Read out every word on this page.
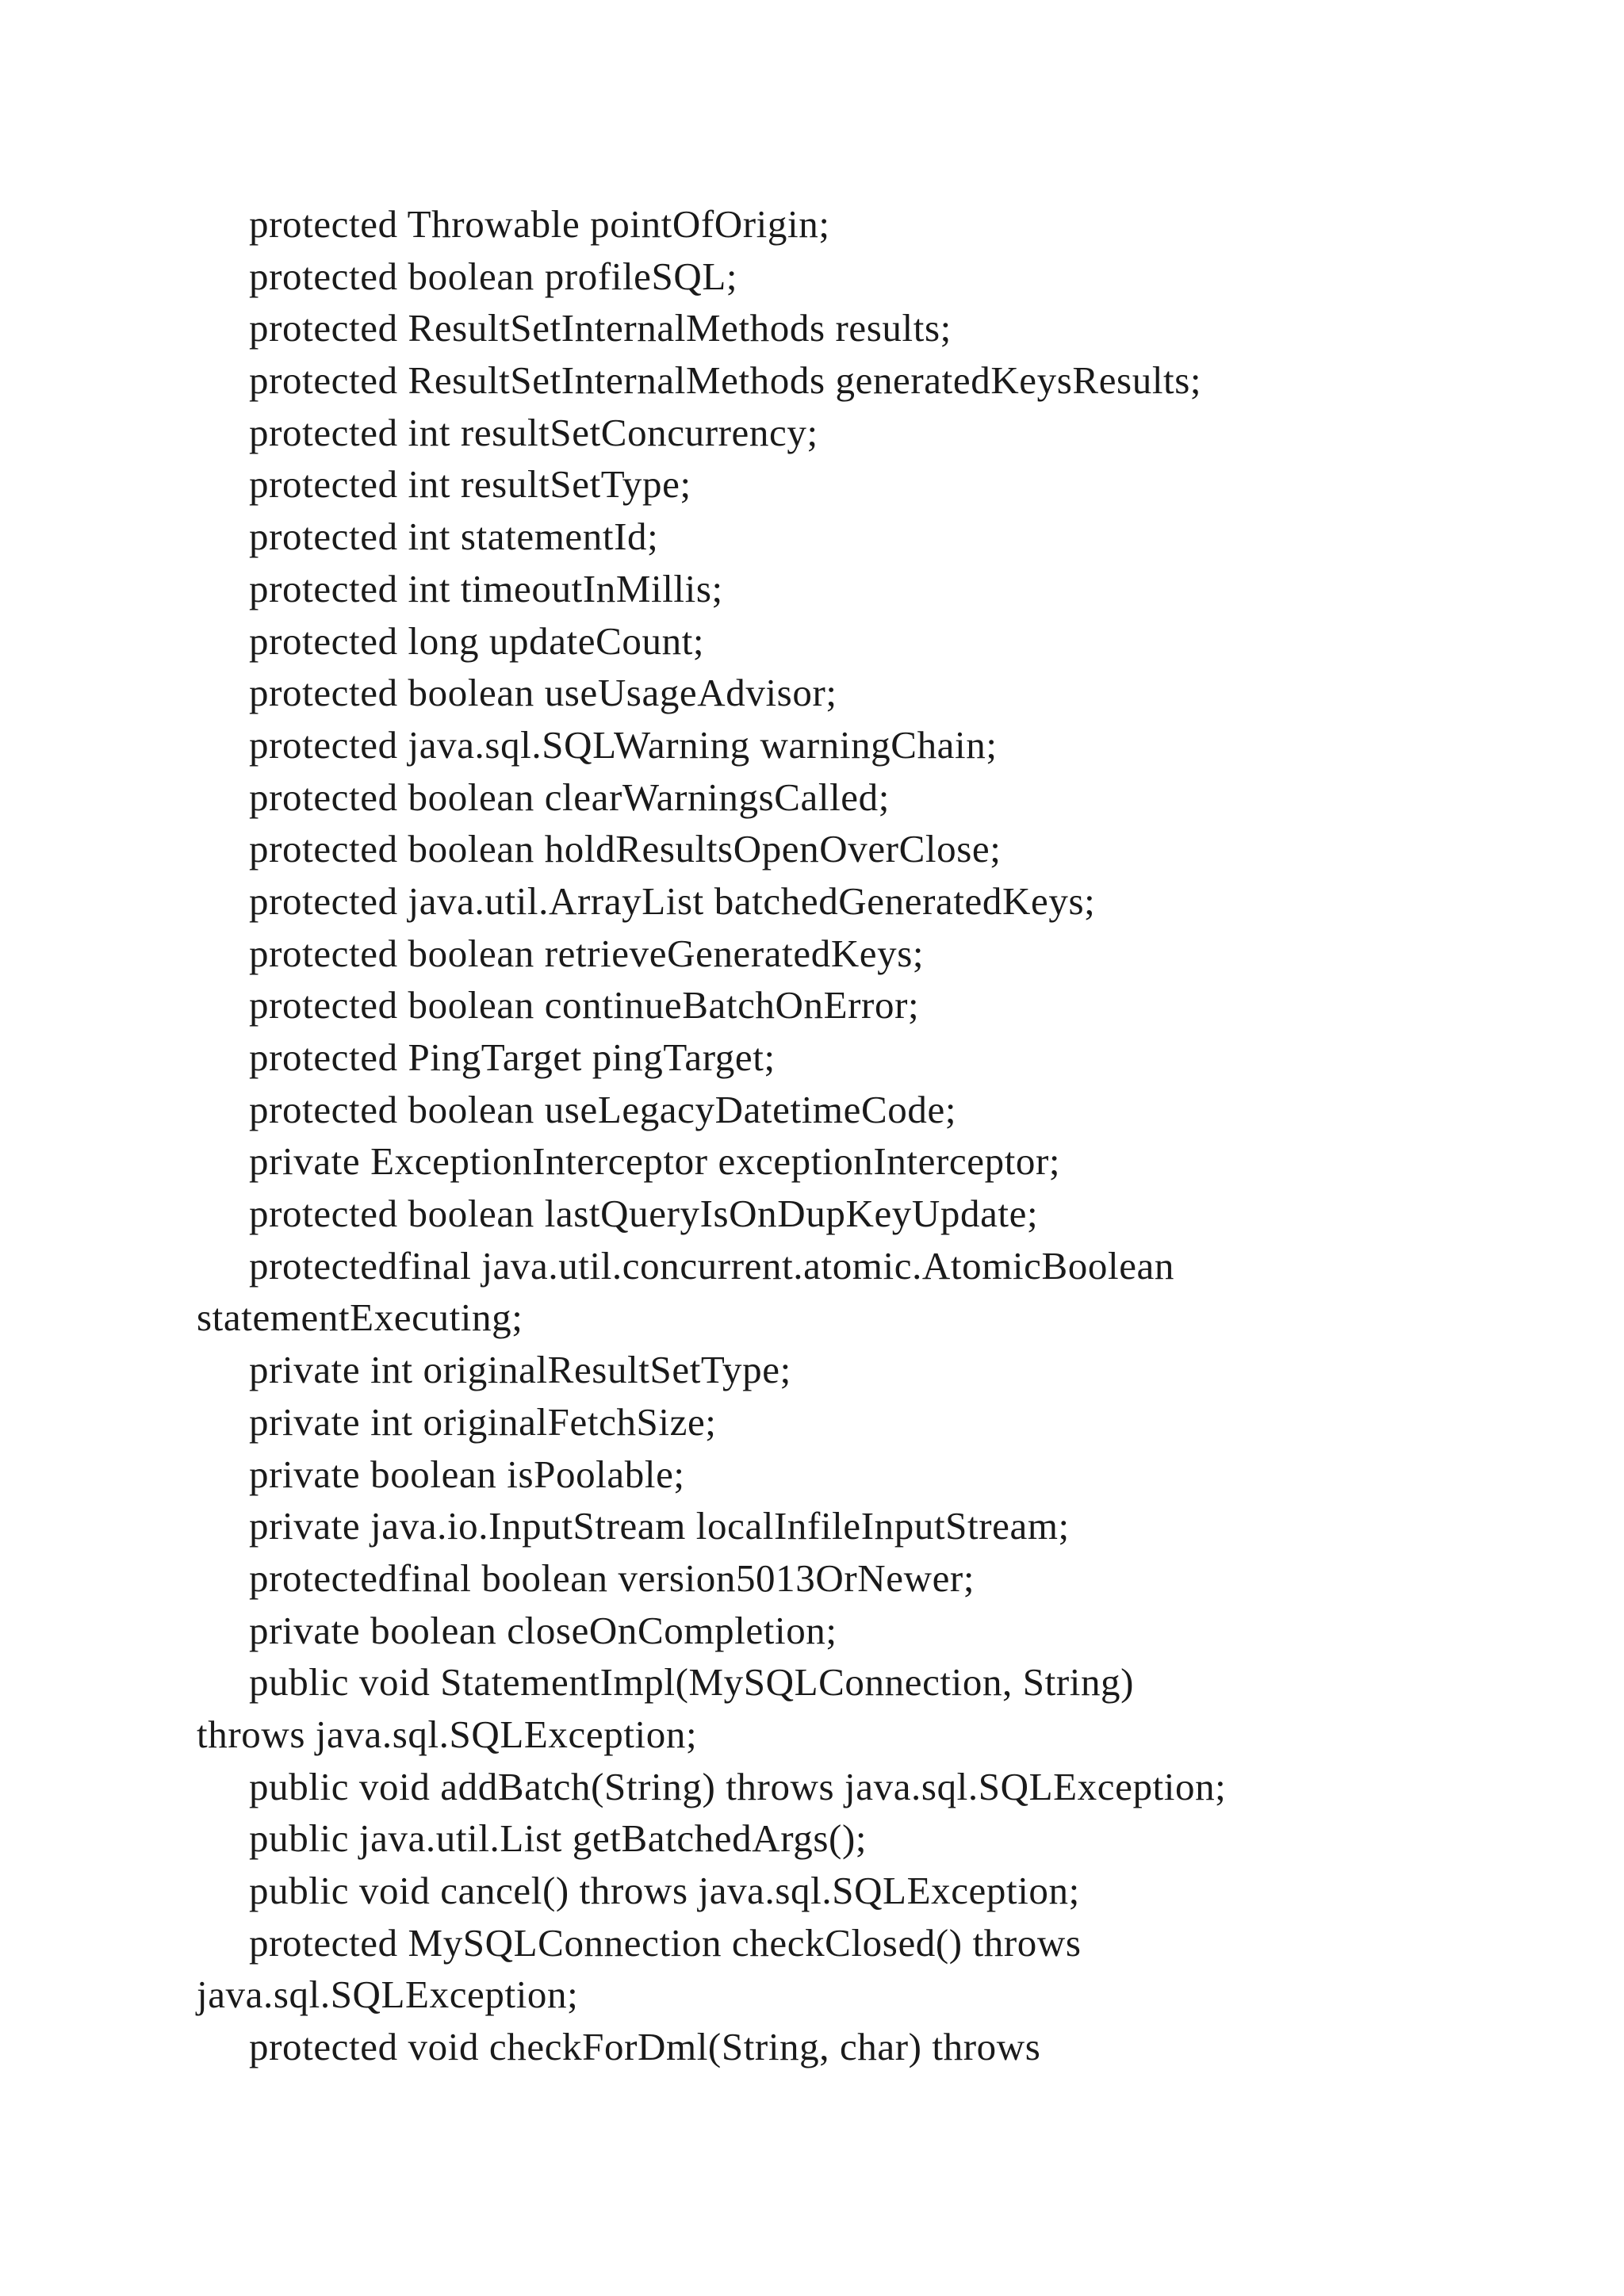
protected Throwable pointOfOrigin;
protected boolean profileSQL;
protected ResultSetInternalMethods results;
protected ResultSetInternalMethods generatedKeysResults;
protected int resultSetConcurrency;
protected int resultSetType;
protected int statementId;
protected int timeoutInMillis;
protected long updateCount;
protected boolean useUsageAdvisor;
protected java.sql.SQLWarning warningChain;
protected boolean clearWarningsCalled;
protected boolean holdResultsOpenOverClose;
protected java.util.ArrayList batchedGeneratedKeys;
protected boolean retrieveGeneratedKeys;
protected boolean continueBatchOnError;
protected PingTarget pingTarget;
protected boolean useLegacyDatetimeCode;
private ExceptionInterceptor exceptionInterceptor;
protected boolean lastQueryIsOnDupKeyUpdate;
protectedfinal java.util.concurrent.atomic.AtomicBoolean
statementExecuting;
private int originalResultSetType;
private int originalFetchSize;
private boolean isPoolable;
private java.io.InputStream localInfileInputStream;
protectedfinal boolean version5013OrNewer;
private boolean closeOnCompletion;
public void StatementImpl(MySQLConnection, String)
throws java.sql.SQLException;
public void addBatch(String) throws java.sql.SQLException;
public java.util.List getBatchedArgs();
public void cancel() throws java.sql.SQLException;
protected MySQLConnection checkClosed() throws
java.sql.SQLException;
protected void checkForDml(String, char) throws
